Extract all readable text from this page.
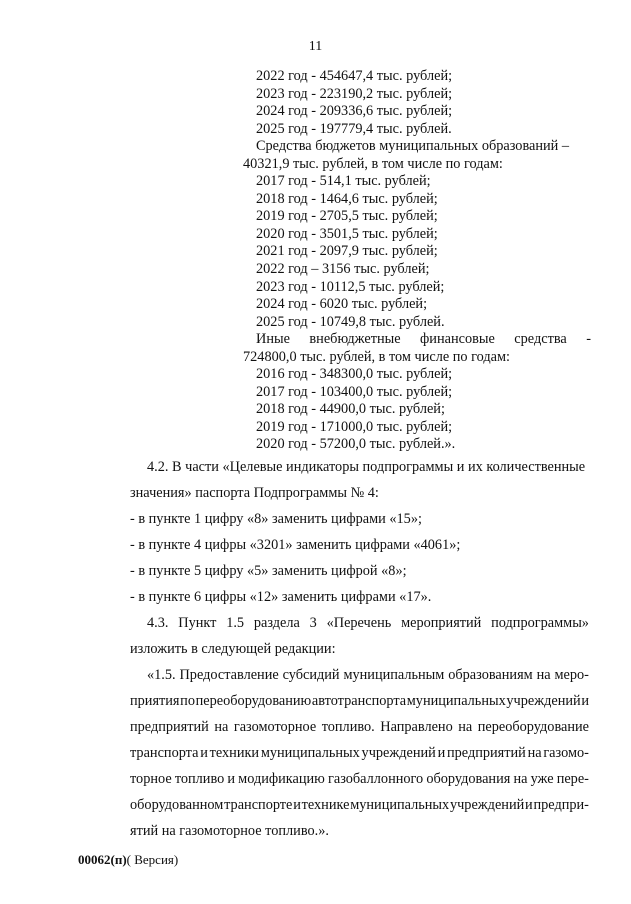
11
2022 год - 454647,4 тыс. рублей;
2023 год - 223190,2 тыс. рублей;
2024 год - 209336,6 тыс. рублей;
2025 год - 197779,4 тыс. рублей.
Средства бюджетов муниципальных образований –
40321,9 тыс. рублей, в том числе по годам:
2017 год - 514,1 тыс. рублей;
2018 год - 1464,6 тыс. рублей;
2019 год - 2705,5 тыс. рублей;
2020 год - 3501,5 тыс. рублей;
2021 год - 2097,9 тыс. рублей;
2022 год – 3156 тыс. рублей;
2023 год - 10112,5 тыс. рублей;
2024 год - 6020 тыс. рублей;
2025 год - 10749,8 тыс. рублей.
Иные внебюджетные финансовые средства -
724800,0 тыс. рублей, в том числе по годам:
2016 год - 348300,0 тыс. рублей;
2017 год - 103400,0 тыс. рублей;
2018 год - 44900,0 тыс. рублей;
2019 год - 171000,0 тыс. рублей;
2020 год - 57200,0 тыс. рублей.».
4.2. В части «Целевые индикаторы подпрограммы и их количественные
значения» паспорта Подпрограммы № 4:
- в пункте 1 цифру «8» заменить цифрами «15»;
- в пункте 4 цифры «3201» заменить цифрами «4061»;
- в пункте 5 цифру «5» заменить цифрой «8»;
- в пункте 6 цифры «12» заменить цифрами «17».
4.3. Пункт 1.5 раздела 3 «Перечень мероприятий подпрограммы»
изложить в следующей редакции:
«1.5. Предоставление субсидий муниципальным образованиям на меро-
приятия по переоборудованию автотранспорта муниципальных учреждений и
предприятий на газомоторное топливо. Направлено на переоборудование
транспорта и техники муниципальных учреждений и предприятий на газомо-
торное топливо и модификацию газобаллонного оборудования на уже пере-
оборудованном транспорте и технике муниципальных учреждений и предпри-
ятий на газомоторное топливо.».
00062(п)( Версия)
